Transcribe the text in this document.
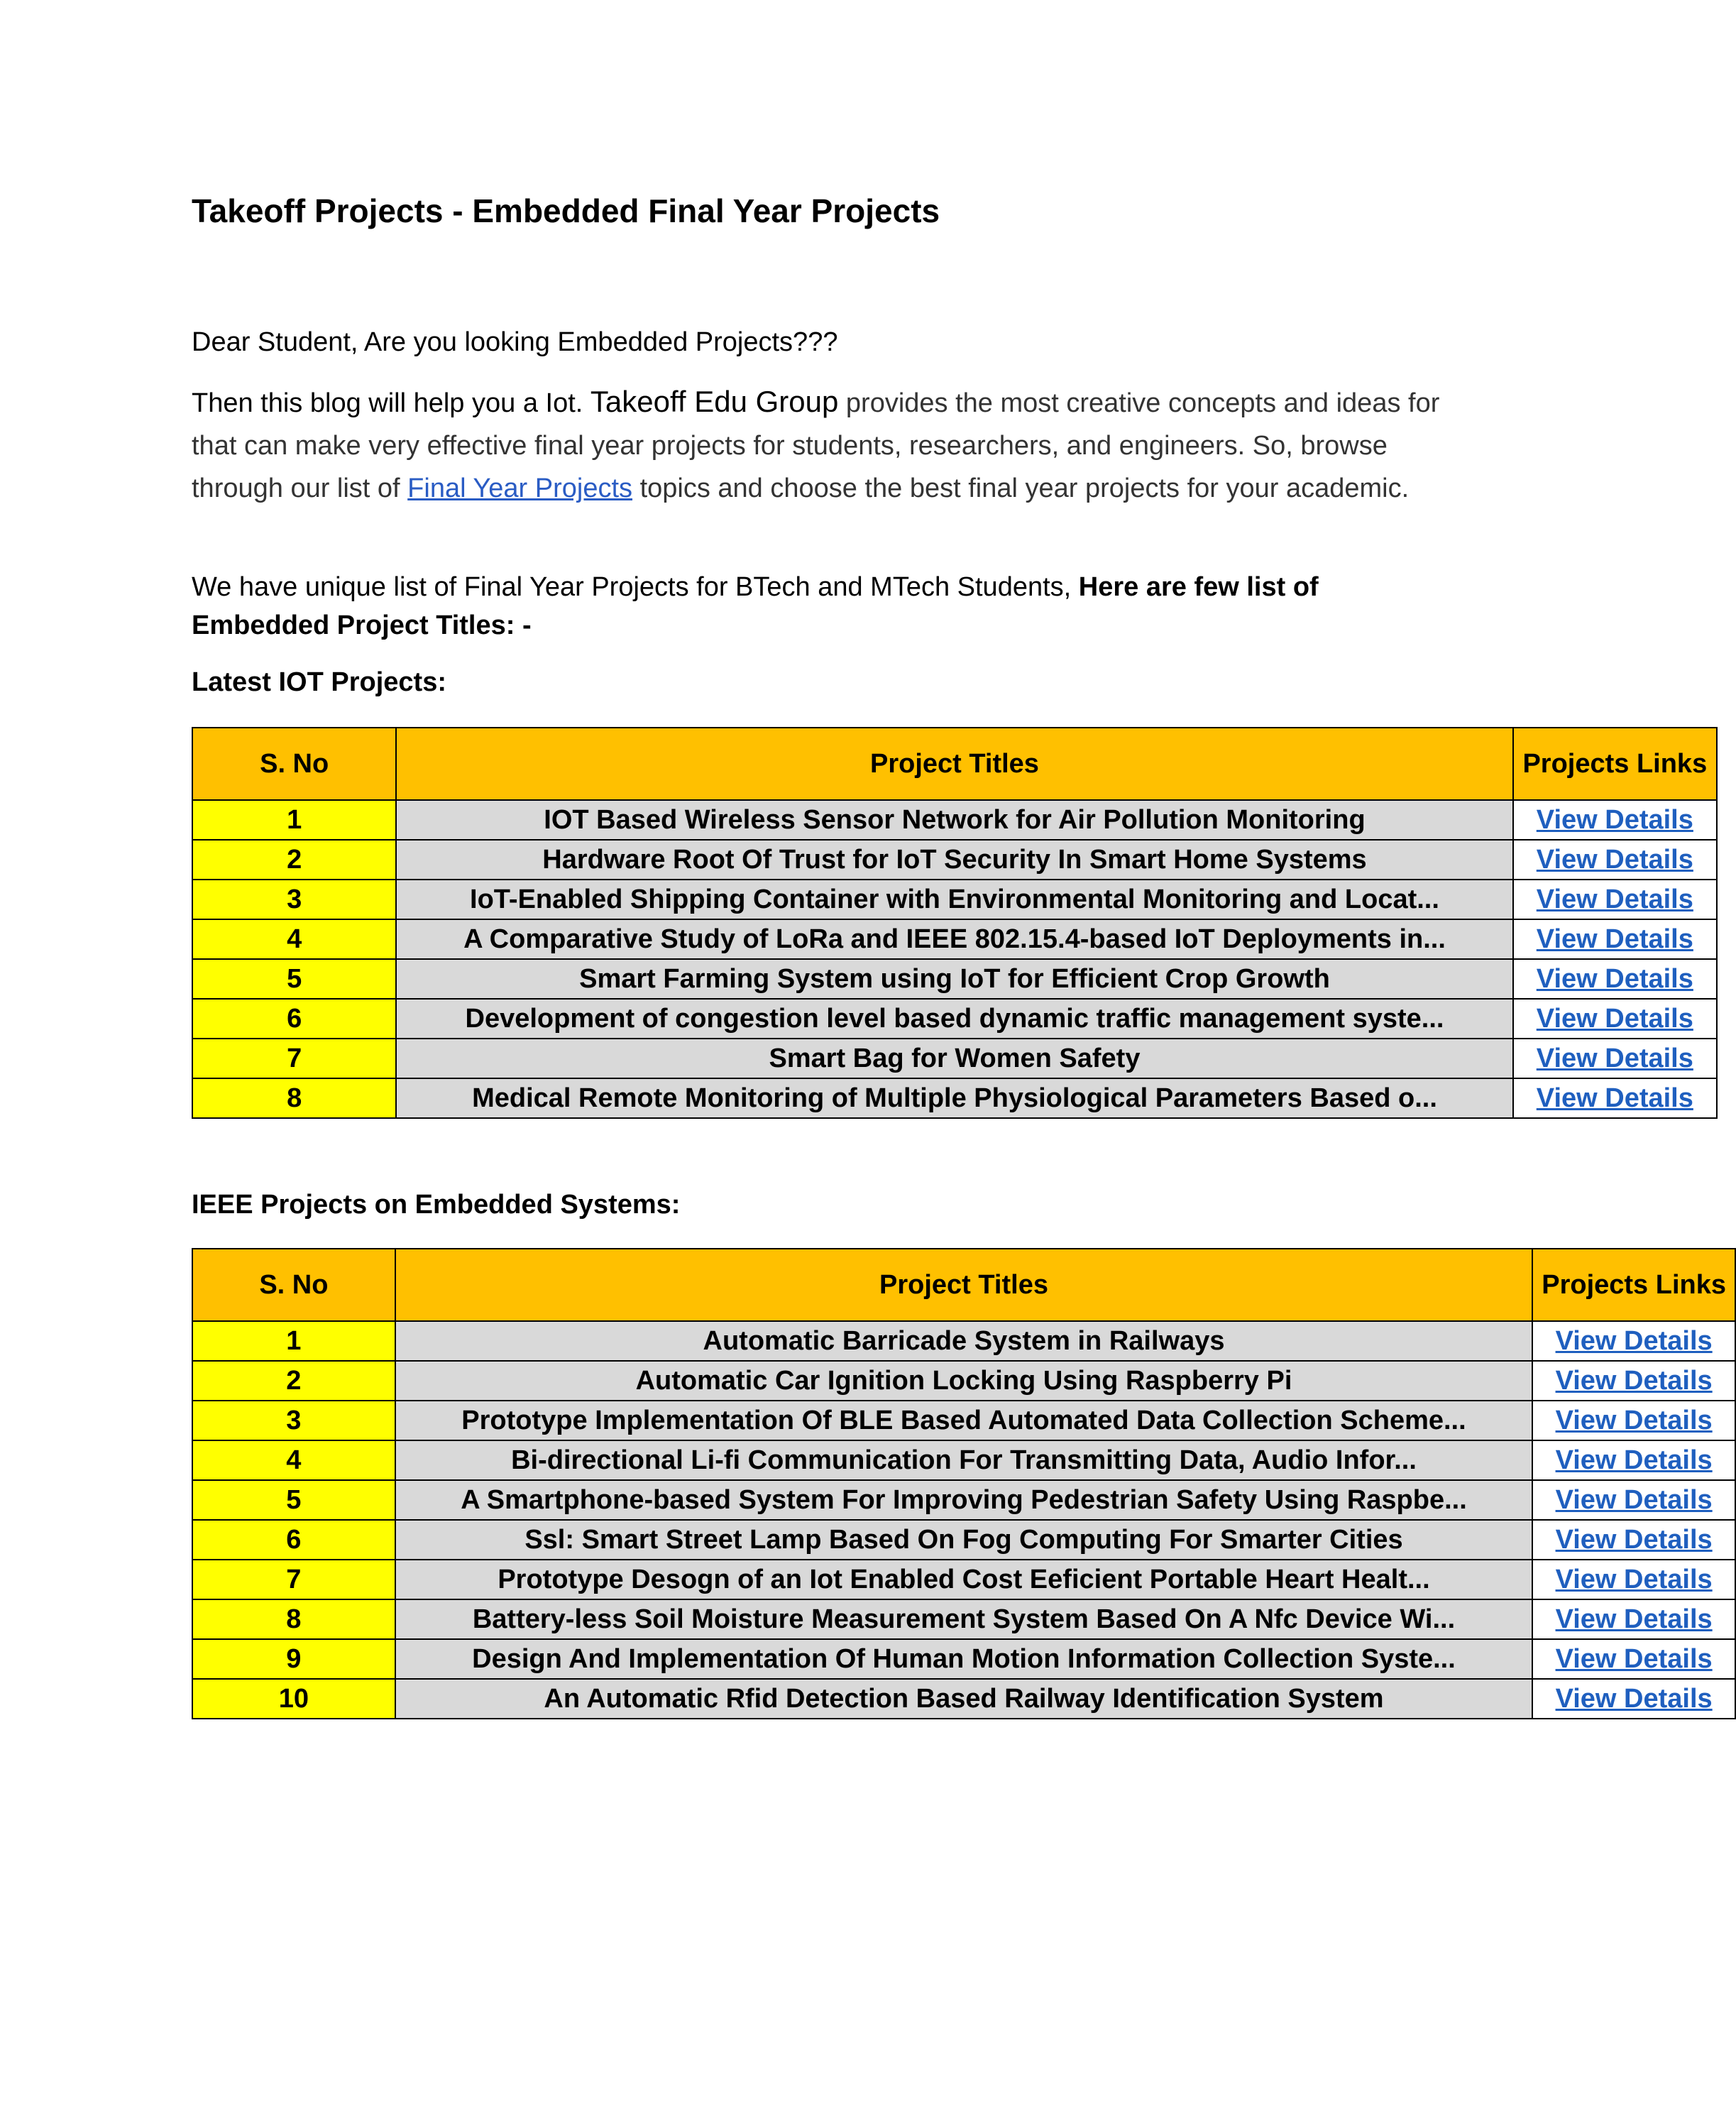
Takeoff Projects - Embedded Final Year Projects
Dear Student, Are you looking Embedded Projects???
Then this blog will help you a Iot. Takeoff Edu Group provides the most creative concepts and ideas for that can make very effective final year projects for students, researchers, and engineers. So, browse through our list of Final Year Projects topics and choose the best final year projects for your academic.
We have unique list of Final Year Projects for BTech and MTech Students, Here are few list of Embedded Project Titles: -
Latest IOT Projects:
S. No	Project Titles	Projects Links
1	IOT Based Wireless Sensor Network for Air Pollution Monitoring	View Details
2	Hardware Root Of Trust for IoT Security In Smart Home Systems	View Details
3	IoT-Enabled Shipping Container with Environmental Monitoring and Locat...	View Details
4	A Comparative Study of LoRa and IEEE 802.15.4-based IoT Deployments in...	View Details
5	Smart Farming System using IoT for Efficient Crop Growth	View Details
6	Development of congestion level based dynamic traffic management syste...	View Details
7	Smart Bag for Women Safety	View Details
8	Medical Remote Monitoring of Multiple Physiological Parameters Based o...	View Details
IEEE Projects on Embedded Systems:
S. No	Project Titles	Projects Links
1	Automatic Barricade System in Railways	View Details
2	Automatic Car Ignition Locking Using Raspberry Pi	View Details
3	Prototype Implementation Of BLE Based Automated Data Collection Scheme...	View Details
4	Bi-directional Li-fi Communication For Transmitting Data, Audio Infor...	View Details
5	A Smartphone-based System For Improving Pedestrian Safety Using Raspbe...	View Details
6	Ssl: Smart Street Lamp Based On Fog Computing For Smarter Cities	View Details
7	Prototype Desogn of an Iot Enabled Cost Eeficient Portable Heart Healt...	View Details
8	Battery-less Soil Moisture Measurement System Based On A Nfc Device Wi...	View Details
9	Design And Implementation Of Human Motion Information Collection Syste...	View Details
10	An Automatic Rfid Detection Based Railway Identification System	View Details
